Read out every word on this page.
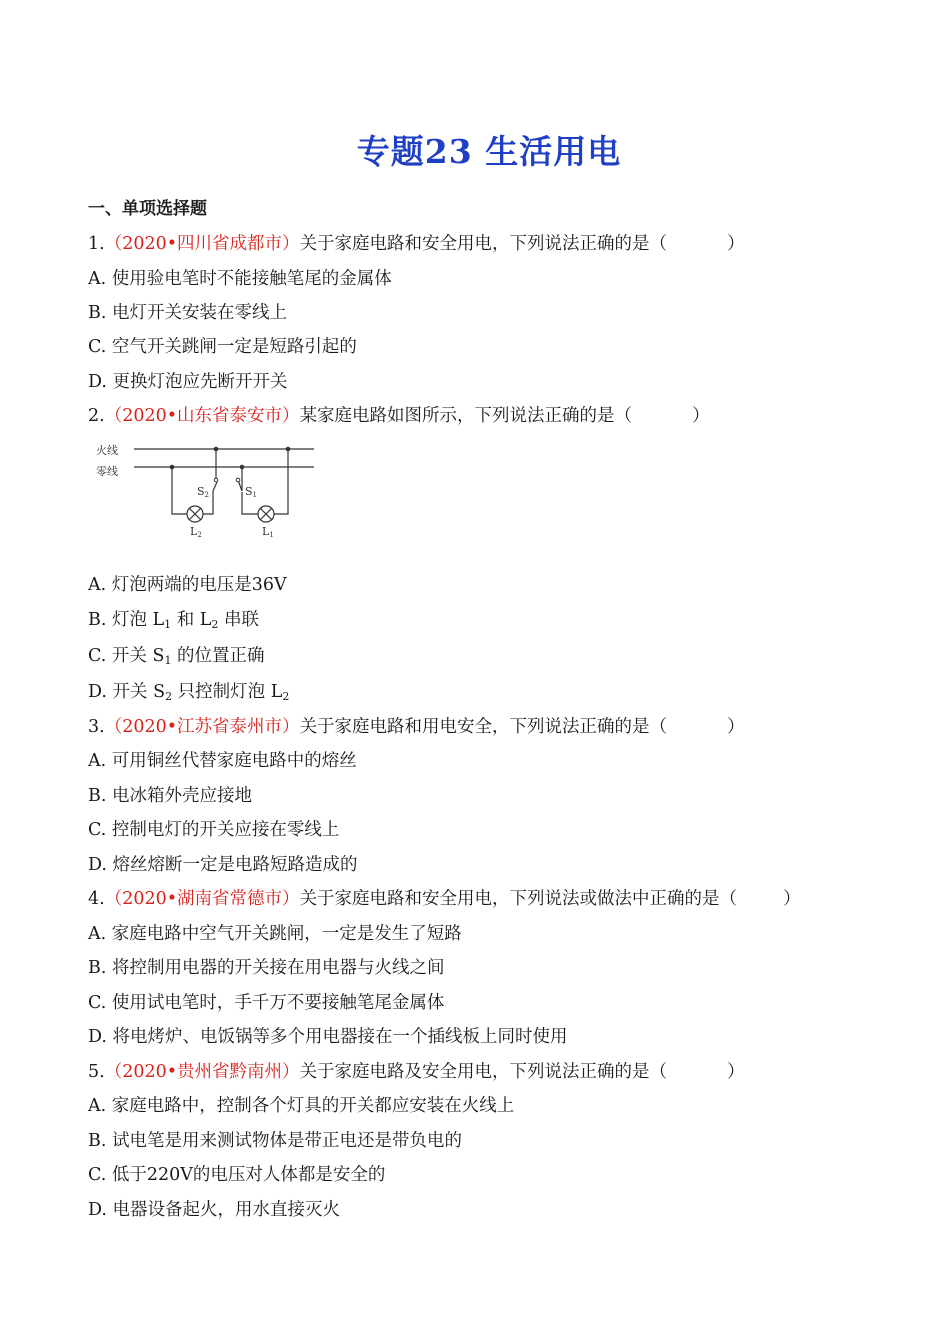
专题23 生活用电
一、单项选择题
1.（2020•四川省成都市）关于家庭电路和安全用电，下列说法正确的是（	）
A. 使用验电笔时不能接触笔尾的金属体
B. 电灯开关安装在零线上
C. 空气开关跳闸一定是短路引起的
D. 更换灯泡应先断开开关
2.（2020•山东省泰安市）某家庭电路如图所示，下列说法正确的是（	）
火线
零线
S2	S1
L2	L1
A. 灯泡两端的电压是36V
B. 灯泡 $L_1$ 和 $L_2$ 串联
C. 开关 $S_1$ 的位置正确
D. 开关 $S_2$ 只控制灯泡 $L_2$
3.（2020•江苏省泰州市）关于家庭电路和用电安全，下列说法正确的是（	）
A. 可用铜丝代替家庭电路中的熔丝
B. 电冰箱外壳应接地
C. 控制电灯的开关应接在零线上
D. 熔丝熔断一定是电路短路造成的
4.（2020•湖南省常德市）关于家庭电路和安全用电，下列说法或做法中正确的是（	）
A. 家庭电路中空气开关跳闸，一定是发生了短路
B. 将控制用电器的开关接在用电器与火线之间
C. 使用试电笔时，手千万不要接触笔尾金属体
D. 将电烤炉、电饭锅等多个用电器接在一个插线板上同时使用
5.（2020•贵州省黔南州）关于家庭电路及安全用电，下列说法正确的是（	）
A. 家庭电路中，控制各个灯具的开关都应安装在火线上
B. 试电笔是用来测试物体是带正电还是带负电的
C. 低于220V的电压对人体都是安全的
D. 电器设备起火，用水直接灭火
